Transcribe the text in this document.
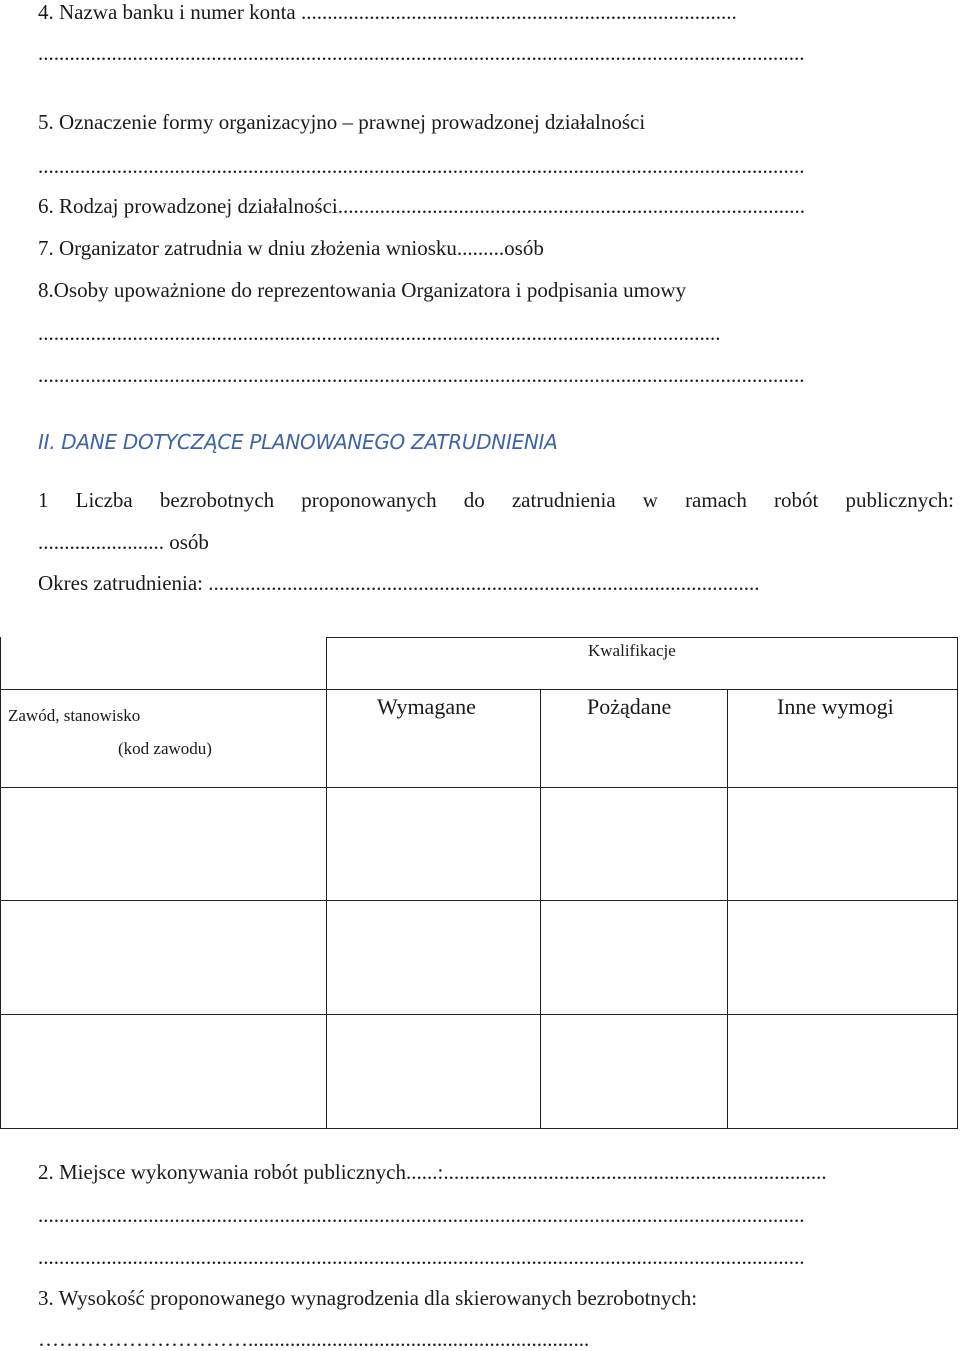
4. Nazwa banku i numer konta ...................................................................................
..................................................................................................................................................
5. Oznaczenie formy organizacyjno – prawnej prowadzonej działalności
..................................................................................................................................................
6. Rodzaj prowadzonej działalności.........................................................................................
7. Organizator zatrudnia w dniu złożenia wniosku.........osób
8.Osoby upoważnione do reprezentowania Organizatora i podpisania umowy
..................................................................................................................................
..................................................................................................................................................
II. DANE DOTYCZĄCE PLANOWANEGO ZATRUDNIENIA
1 Liczba bezrobotnych proponowanych do zatrudnienia w ramach robót publicznych:
........................ osób
Okres zatrudnienia: .........................................................................................................
Kwalifikacje
Zawód, stanowisko
(kod zawodu)
Wymagane	Pożądane	Inne wymogi
2. Miejsce wykonywania robót publicznych......:.........................................................................
..................................................................................................................................................
..................................................................................................................................................
3. Wysokość proponowanego wynagrodzenia dla skierowanych bezrobotnych:
………………………….................................................................
